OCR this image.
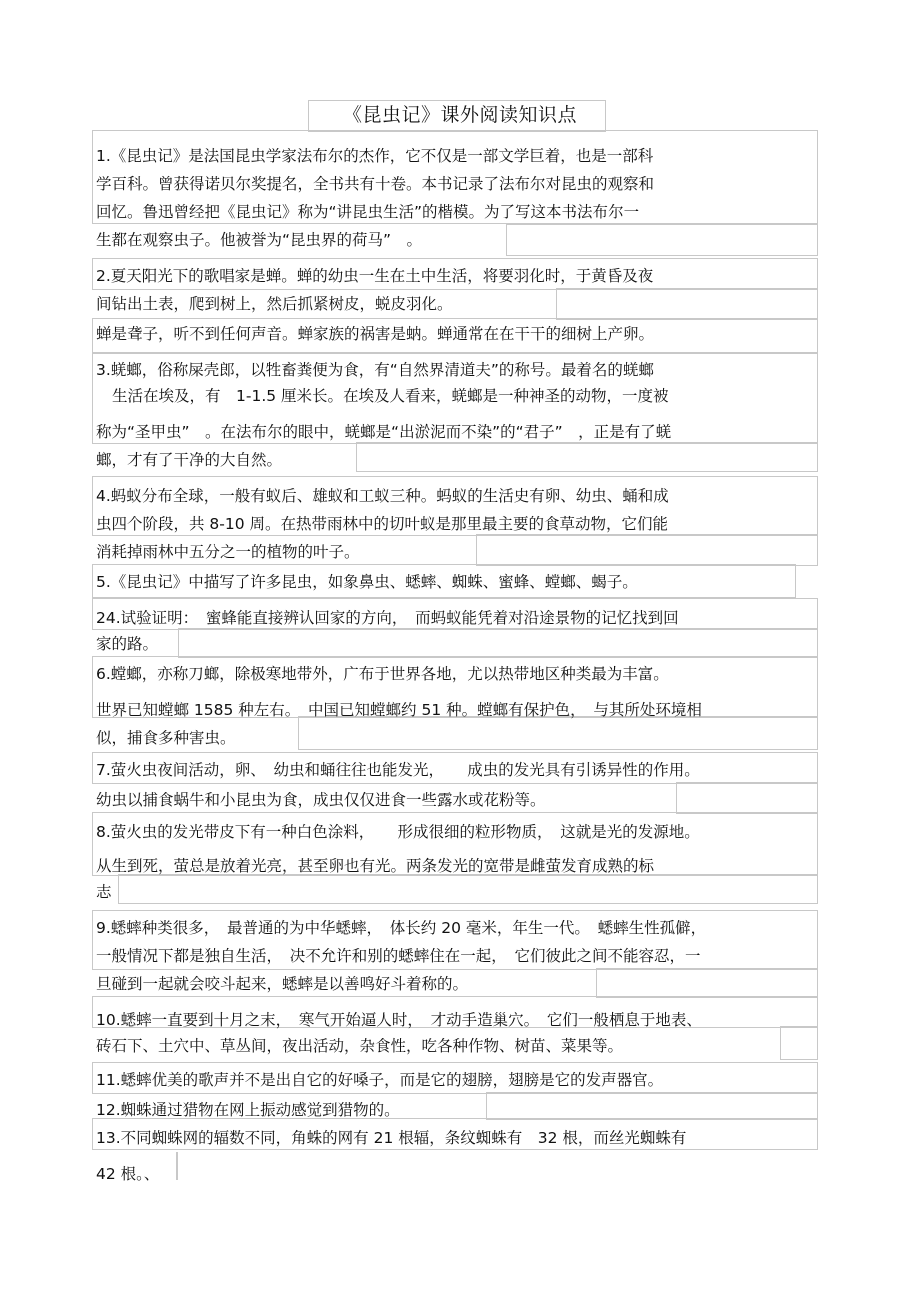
《昆虫记》课外阅读知识点
1.《昆虫记》是法国昆虫学家法布尔的杰作，它不仅是一部文学巨着，也是一部科
学百科。曾获得诺贝尔奖提名，全书共有十卷。本书记录了法布尔对昆虫的观察和
回忆。鲁迅曾经把《昆虫记》称为“讲昆虫生活”的楷模。为了写这本书法布尔一
生都在观察虫子。他被誉为“昆虫界的荷马”　。
2.夏天阳光下的歌唱家是蝉。蝉的幼虫一生在土中生活，将要羽化时，于黄昏及夜
间钻出土表，爬到树上，然后抓紧树皮，蜕皮羽化。
蝉是聋子，听不到任何声音。蝉家族的祸害是蚋。蝉通常在在干干的细树上产卵。
3.蜣螂，俗称屎壳郎，以牲畜粪便为食，有“自然界清道夫”的称号。最着名的蜣螂
生活在埃及，有　1-1.5 厘米长。在埃及人看来，蜣螂是一种神圣的动物，一度被
称为“圣甲虫”　。在法布尔的眼中，蜣螂是“出淤泥而不染”的“君子”　，正是有了蜣
螂，才有了干净的大自然。
4.蚂蚁分布全球，一般有蚁后、雄蚁和工蚁三种。蚂蚁的生活史有卵、幼虫、蛹和成
虫四个阶段，共 8-10 周。在热带雨林中的切叶蚁是那里最主要的食草动物，它们能
消耗掉雨林中五分之一的植物的叶子。
5.《昆虫记》中描写了许多昆虫，如象鼻虫、蟋蟀、蜘蛛、蜜蜂、螳螂、蝎子。
24.试验证明：　蜜蜂能直接辨认回家的方向，　而蚂蚁能凭着对沿途景物的记忆找到回
家的路。
6.螳螂，亦称刀螂，除极寒地带外，广布于世界各地，尤以热带地区种类最为丰富。
世界已知螳螂 1585 种左右。　中国已知螳螂约 51 种。螳螂有保护色，　与其所处环境相
似，捕食多种害虫。
7.萤火虫夜间活动，卵、　幼虫和蛹往往也能发光，　　成虫的发光具有引诱异性的作用。
幼虫以捕食蜗牛和小昆虫为食，成虫仅仅进食一些露水或花粉等。
8.萤火虫的发光带皮下有一种白色涂料，　　形成很细的粒形物质，　这就是光的发源地。
从生到死，萤总是放着光亮，甚至卵也有光。两条发光的宽带是雌萤发育成熟的标
志
9.蟋蟀种类很多，　最普通的为中华蟋蟀，　体长约 20 毫米，年生一代。　蟋蟀生性孤僻，
一般情况下都是独自生活，　决不允许和别的蟋蟀住在一起，　它们彼此之间不能容忍，一
旦碰到一起就会咬斗起来，蟋蟀是以善鸣好斗着称的。
10.蟋蟀一直要到十月之末，　寒气开始逼人时，　才动手造巢穴。　它们一般栖息于地表、
砖石下、土穴中、草丛间，夜出活动，杂食性，吃各种作物、树苗、菜果等。
11.蟋蟀优美的歌声并不是出自它的好嗓子，而是它的翅膀，翅膀是它的发声器官。
12.蜘蛛通过猎物在网上振动感觉到猎物的。
13.不同蜘蛛网的辐数不同，角蛛的网有 21 根辐，条纹蜘蛛有　32 根，而丝光蜘蛛有
42 根。、
